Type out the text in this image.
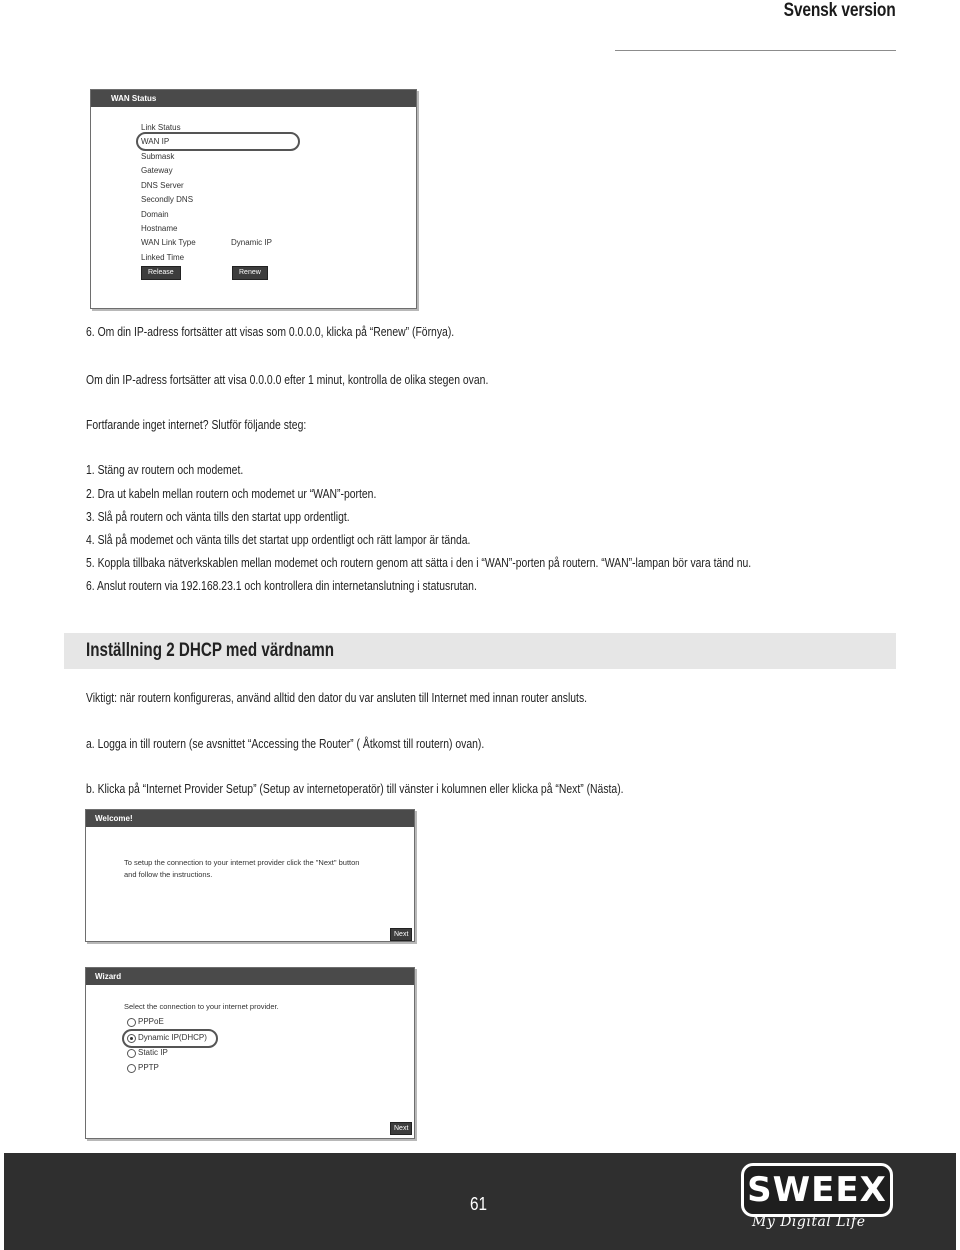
Svensk version
WAN Status
Link Status
WAN IP
Submask
Gateway
DNS Server
Secondly DNS
Domain
Hostname
WAN Link Type	Dynamic IP
Linked Time
Release	Renew
6. Om din IP-adress fortsätter att visas som 0.0.0.0, klicka på “Renew” (Förnya).
Om din IP-adress fortsätter att visa 0.0.0.0 efter 1 minut, kontrolla de olika stegen ovan.
Fortfarande inget internet? Slutför följande steg:
1. Stäng av routern och modemet.
2. Dra ut kabeln mellan routern och modemet ur “WAN”-porten.
3. Slå på routern och vänta tills den startat upp ordentligt.
4. Slå på modemet och vänta tills det startat upp ordentligt och rätt lampor är tända.
5. Koppla tillbaka nätverkskablen mellan modemet och routern genom att sätta i den i “WAN”-porten på routern. “WAN”-lampan bör vara tänd nu.
6. Anslut routern via 192.168.23.1 och kontrollera din internetanslutning i statusrutan.
Inställning 2 DHCP med värdnamn
Viktigt: när routern konfigureras, använd alltid den dator du var ansluten till Internet med innan router ansluts.
a. Logga in till routern (se avsnittet “Accessing the Router” ( Åtkomst till routern) ovan).
b. Klicka på “Internet Provider Setup” (Setup av internetoperatör) till vänster i kolumnen eller klicka på “Next” (Nästa).
Welcome!
To setup the connection to your internet provider click the "Next" button
and follow the instructions.
Next
Wizard
Select the connection to your internet provider.
PPPoE
Dynamic IP(DHCP)
Static IP
PPTP
Next
61	SWEEX
My Digital Life
